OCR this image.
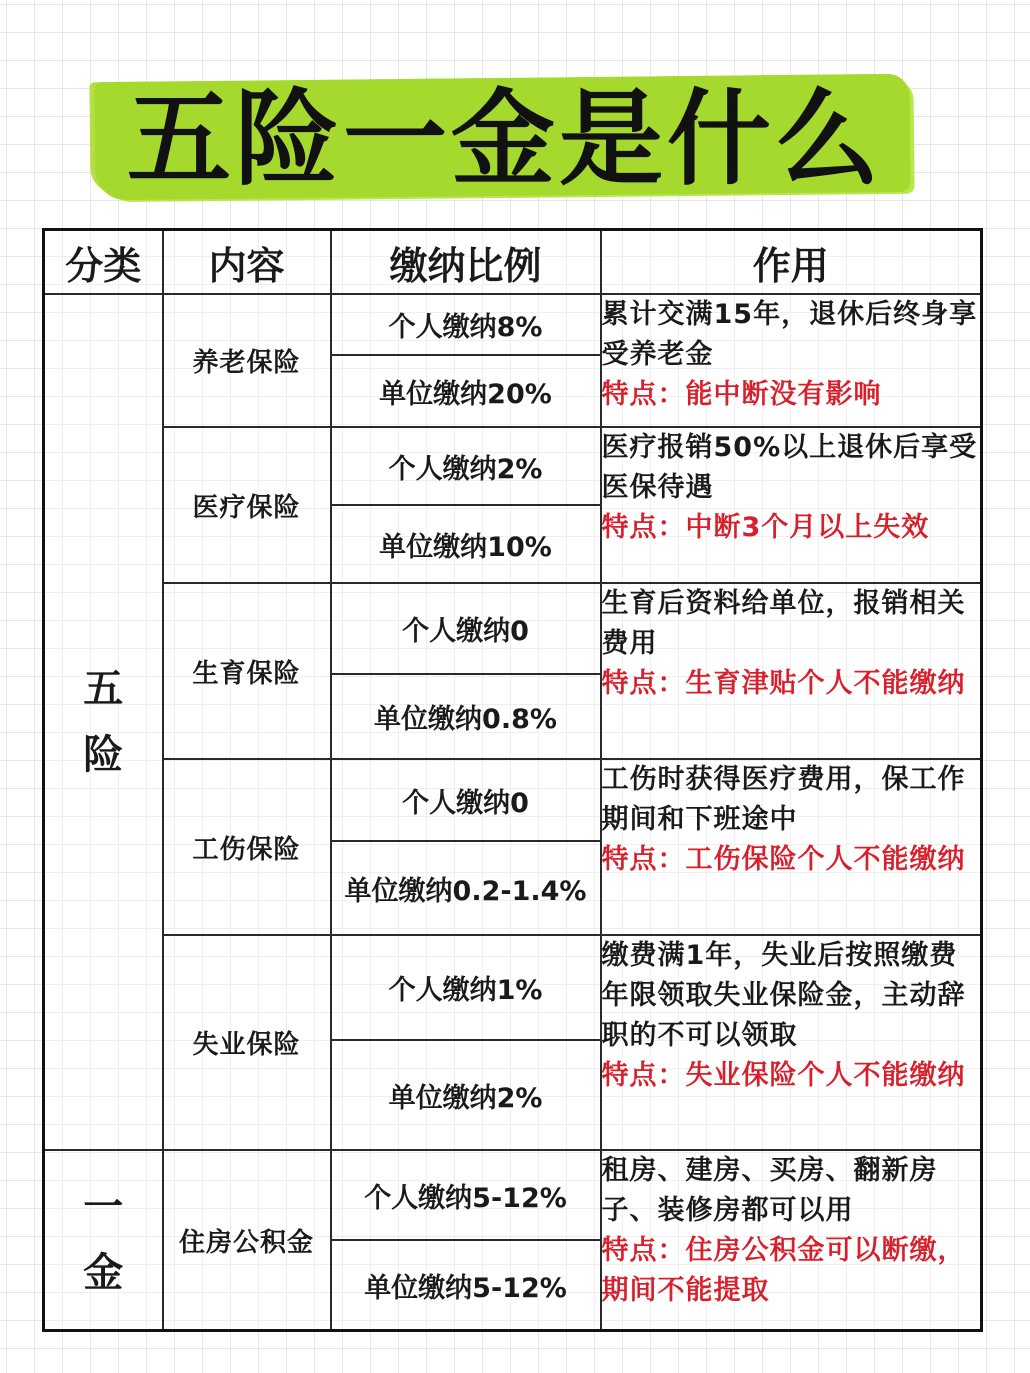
五险一金是什么
分类	内容	缴纳比例	作用

五险	养老保险	个人缴纳8%	累计交满15年，退休后终身享受养老金
特点：能中断没有影响

		单位缴纳20%	
	医疗保险	个人缴纳2%	医疗报销50%以上退休后享受医保待遇
特点：中断3个月以上失效

		单位缴纳10%	
	生育保险	个人缴纳0	生育后资料给单位，报销相关费用
特点：生育津贴个人不能缴纳

		单位缴纳0.8%	
	工伤保险	个人缴纳0	工伤时获得医疗费用，保工作期间和下班途中
特点：工伤保险个人不能缴纳

		单位缴纳0.2-1.4%	
	失业保险	个人缴纳1%	缴费满1年，失业后按照缴费年限领取失业保险金，主动辞职的不可以领取
特点：失业保险个人不能缴纳

		单位缴纳2%	

一金	住房公积金	个人缴纳5-12%	租房、建房、买房、翻新房子、装修房都可以用
特点：住房公积金可以断缴，期间不能提取

		单位缴纳5-12%	
